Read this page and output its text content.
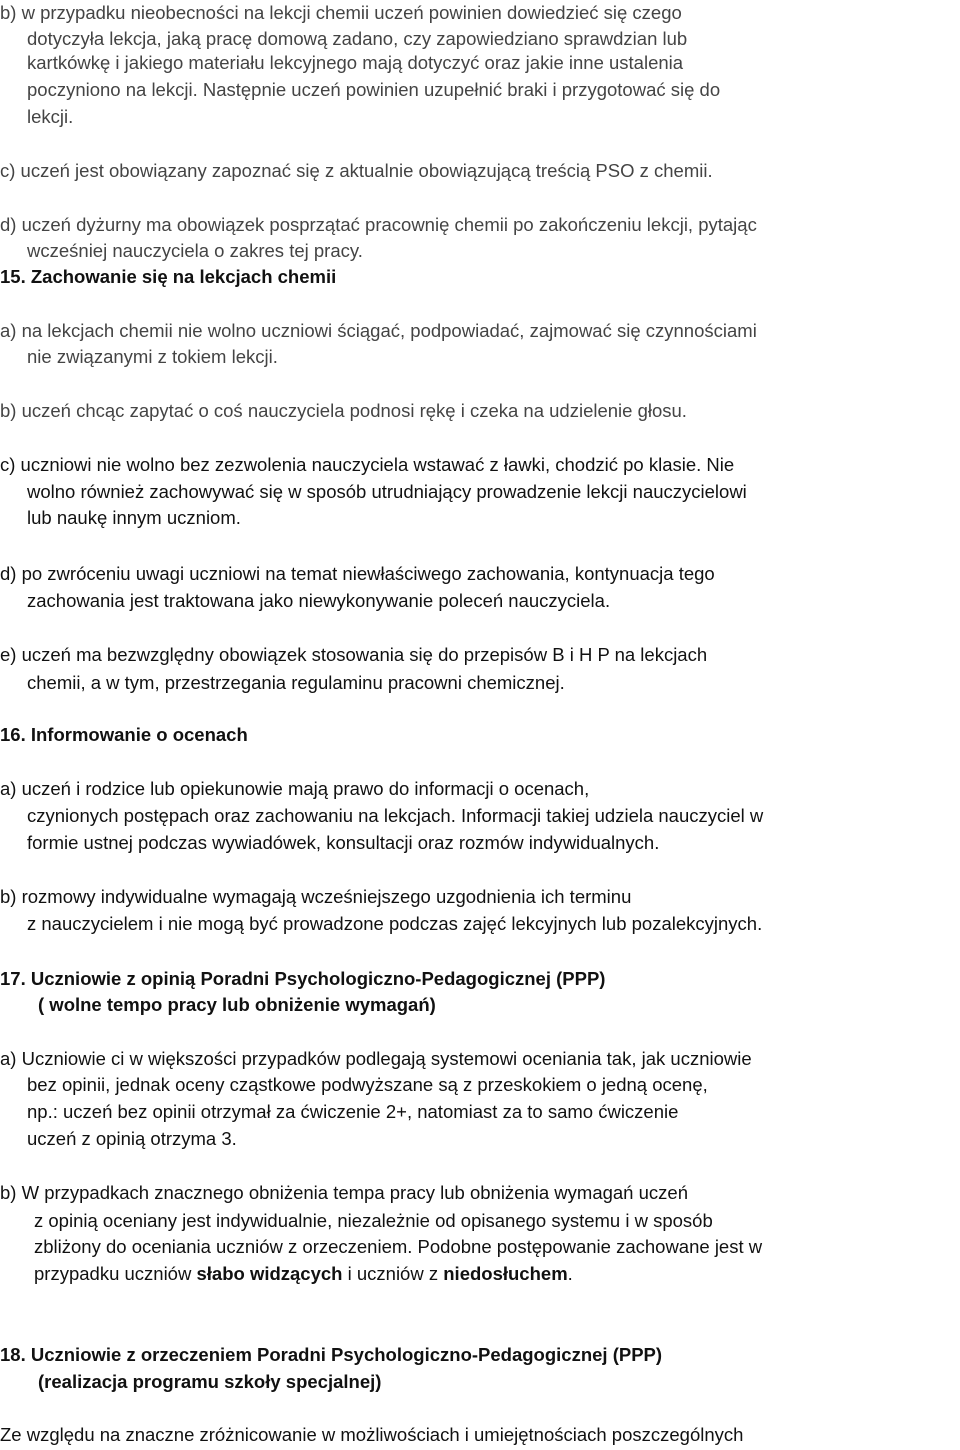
b) w przypadku nieobecności na lekcji chemii uczeń powinien dowiedzieć się czego
dotyczyła lekcja, jaką pracę domową zadano, czy zapowiedziano sprawdzian lub
kartkówkę i jakiego materiału lekcyjnego mają dotyczyć oraz jakie inne ustalenia
poczyniono na lekcji. Następnie uczeń powinien uzupełnić braki i przygotować się do
lekcji.
c) uczeń jest obowiązany zapoznać się z aktualnie obowiązującą treścią PSO z chemii.
d) uczeń dyżurny ma obowiązek posprzątać pracownię chemii po zakończeniu lekcji, pytając
wcześniej nauczyciela o zakres tej pracy.
15. Zachowanie się na lekcjach chemii
a) na lekcjach chemii nie wolno uczniowi ściągać, podpowiadać, zajmować się czynnościami
nie związanymi z tokiem lekcji.
b) uczeń chcąc zapytać o coś nauczyciela podnosi rękę i czeka na udzielenie głosu.
c) uczniowi nie wolno bez zezwolenia nauczyciela wstawać z ławki, chodzić po klasie. Nie
wolno również zachowywać się w sposób utrudniający prowadzenie lekcji nauczycielowi
lub naukę innym uczniom.
d) po zwróceniu uwagi uczniowi na temat niewłaściwego zachowania, kontynuacja tego
zachowania jest traktowana jako niewykonywanie poleceń nauczyciela.
e) uczeń ma bezwzględny obowiązek stosowania się do przepisów B i H P na lekcjach
chemii, a w tym, przestrzegania regulaminu pracowni chemicznej.
16. Informowanie o ocenach
a) uczeń i rodzice lub opiekunowie mają prawo do informacji o ocenach,
czynionych postępach oraz zachowaniu na lekcjach. Informacji takiej udziela nauczyciel w
formie ustnej podczas wywiadówek, konsultacji oraz rozmów indywidualnych.
b) rozmowy indywidualne wymagają wcześniejszego uzgodnienia ich terminu
z nauczycielem i nie mogą być prowadzone podczas zajęć lekcyjnych lub pozalekcyjnych.
17. Uczniowie z opinią Poradni Psychologiczno-Pedagogicznej (PPP)
( wolne tempo pracy lub obniżenie wymagań)
a) Uczniowie ci w większości przypadków podlegają systemowi oceniania tak, jak uczniowie
bez opinii, jednak oceny cząstkowe podwyższane są z przeskokiem o jedną ocenę,
np.: uczeń bez opinii otrzymał za ćwiczenie 2+, natomiast za to samo ćwiczenie
uczeń z opinią otrzyma 3.
b) W przypadkach znacznego obniżenia tempa pracy lub obniżenia wymagań uczeń
z opinią oceniany jest indywidualnie, niezależnie od opisanego systemu i w sposób
zbliżony do oceniania uczniów z orzeczeniem. Podobne postępowanie zachowane jest w
przypadku uczniów słabo widzących i uczniów z niedosłuchem.
18. Uczniowie z orzeczeniem Poradni Psychologiczno-Pedagogicznej (PPP)
(realizacja programu szkoły specjalnej)
Ze względu na znaczne zróżnicowanie w możliwościach i umiejętnościach poszczególnych
